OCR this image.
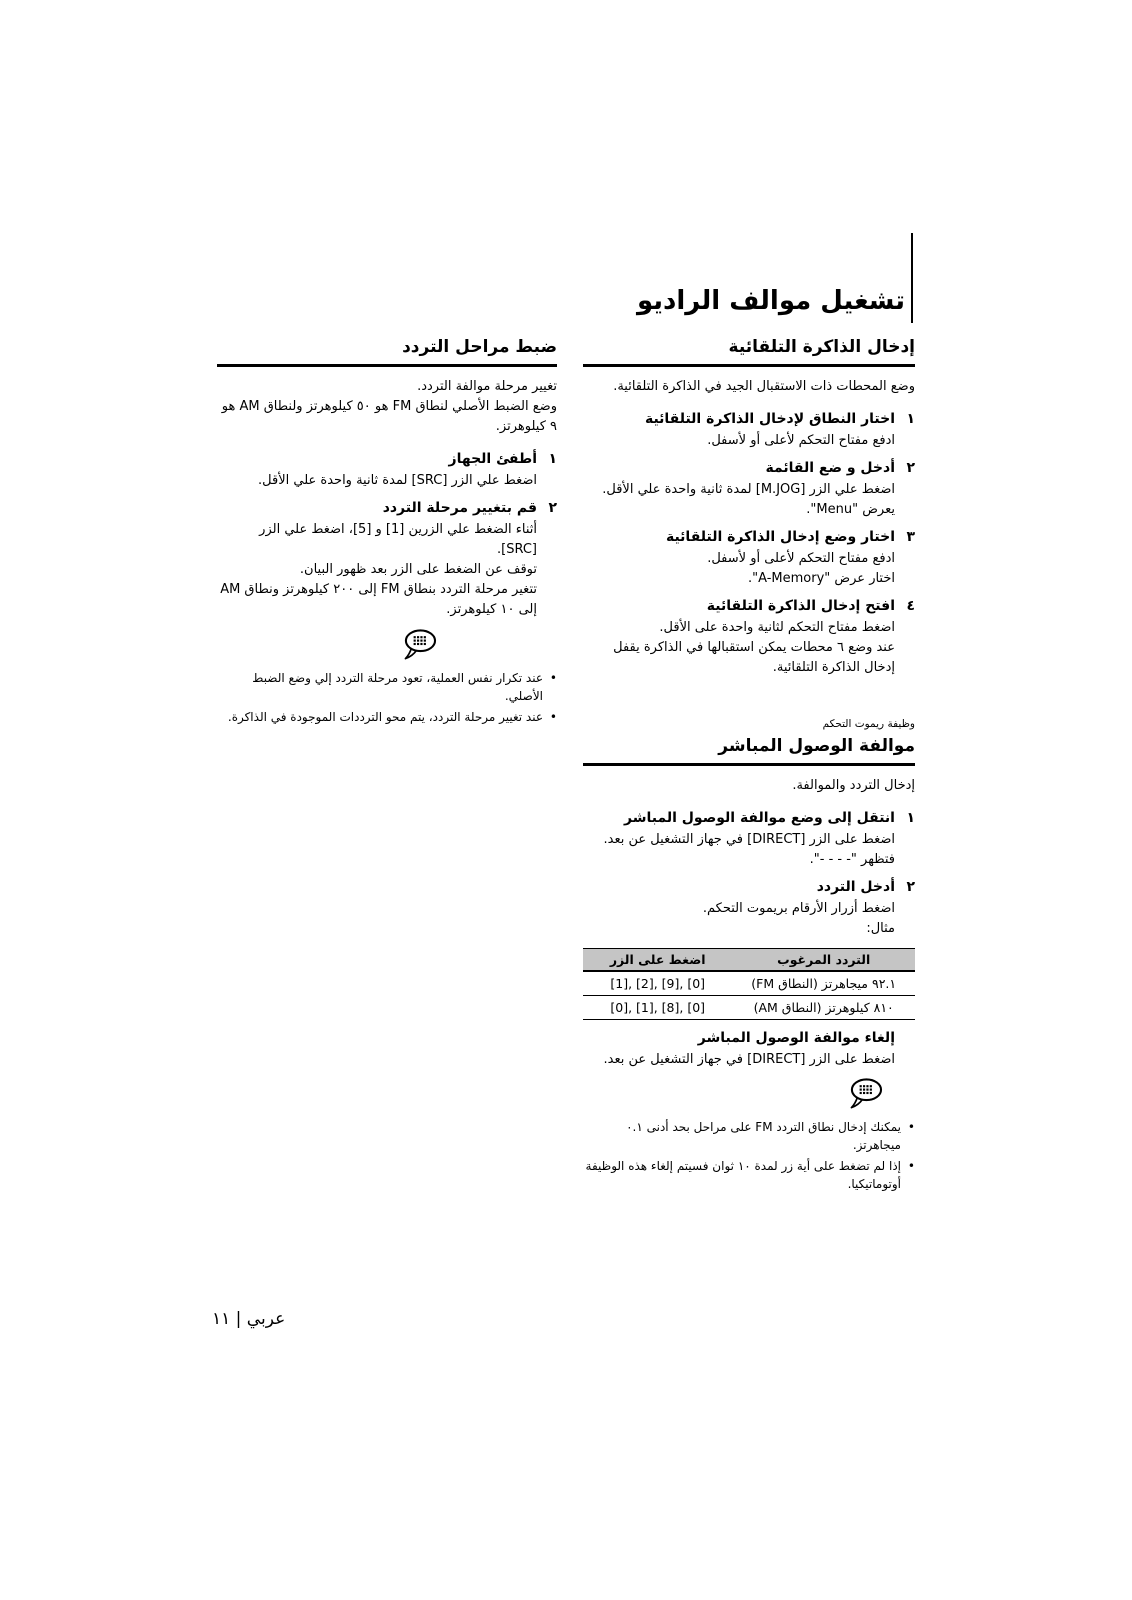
تشغيل موالف الراديو
إدخال الذاكرة التلقائية

وضع المحطات ذات الاستقبال الجيد في الذاكرة التلقائية.

١
اختار النطاق لإدخال الذاكرة التلقائية
ادفع مفتاح التحكم لأعلى أو لأسفل.
٢
أدخل و ضع القائمة
اضغط علي الزر [M.JOG] لمدة ثانية واحدة علي الأقل.
يعرض "Menu".
٣
اختار وضع إدخال الذاكرة التلقائية
ادفع مفتاح التحكم لأعلى أو لأسفل.
اختار عرض "A-Memory".
٤
افتح إدخال الذاكرة التلقائية
اضغط مفتاح التحكم لثانية واحدة على الأقل.
عند وضع ٦ محطات يمكن استقبالها في الذاكرة يقفل إدخال الذاكرة التلقائية.
وظيفة ريموت التحكم
موالفة الوصول المباشر

إدخال التردد والموالفة.

١
انتقل إلى وضع موالفة الوصول المباشر
اضغط على الزر [DIRECT] في جهاز التشغيل عن بعد.
فتظهر "- - - -".
٢
أدخل التردد
اضغط أزرار الأرقام بريموت التحكم.
مثال:
التردد المرغوب	اضغط على الزر
٩٢.١ ميجاهرتز (النطاق FM)	[1], [2], [9], [0]
٨١٠ كيلوهرتز (النطاق AM)	[0], [1], [8], [0]
إلغاء موالفة الوصول المباشر
اضغط على الزر [DIRECT] في جهاز التشغيل عن بعد.
•
يمكنك إدخال نطاق التردد FM على مراحل بحد أدنى ٠.١ ميجاهرتز.
•
إذا لم تضغط على أية زر لمدة ١٠ ثوان فسيتم إلغاء هذه الوظيفة أوتوماتيكيا.
ضبط مراحل التردد

تغيير مرحلة موالفة التردد.

وضع الضبط الأصلي لنطاق FM هو ٥٠ كيلوهرتز ولنطاق AM هو ٩ كيلوهرتز.

١
أطفئ الجهاز
اضغط علي الزر [SRC] لمدة ثانية واحدة علي الأقل.
٢
قم بتغيير مرحلة التردد
أثناء الضغط علي الزرين [1] و [5]، اضغط علي الزر [SRC].
توقف عن الضغط على الزر بعد ظهور البيان.
تتغير مرحلة التردد بنطاق FM إلى ٢٠٠ كيلوهرتز ونطاق AM إلى ١٠ كيلوهرتز.
•
عند تكرار نفس العملية، تعود مرحلة التردد إلي وضع الضبط الأصلي.
•
عند تغيير مرحلة التردد، يتم محو الترددات الموجودة في الذاكرة.
عربي | ١١
